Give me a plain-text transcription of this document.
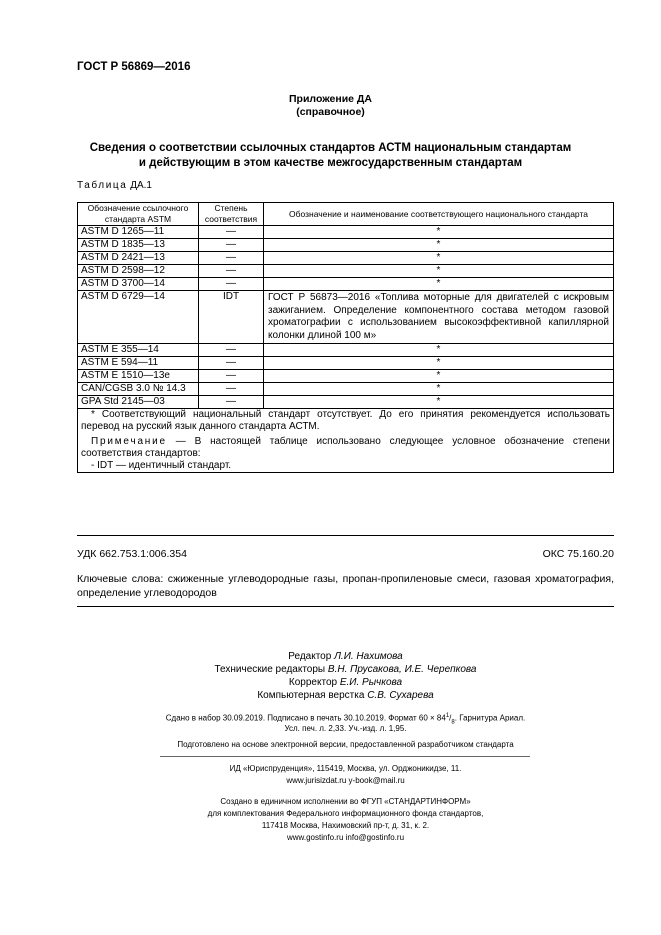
ГОСТ Р 56869—2016
Приложение ДА
(справочное)
Сведения о соответствии ссылочных стандартов АСТМ национальным стандартам
и действующим в этом качестве межгосударственным стандартам
Таблица ДА.1
Обозначение ссылочного стандарта ASTM	Степень соответствия	Обозначение и наименование соответствующего национального стандарта
ASTM D 1265—11	—	*
ASTM D 1835—13	—	*
ASTM D 2421—13	—	*
ASTM D 2598—12	—	*
ASTM D 3700—14	—	*
ASTM D 6729—14	IDT	ГОСТ Р 56873—2016 «Топлива моторные для двигателей с искровым зажиганием. Определение компонентного состава методом газовой хроматографии с использованием высокоэффективной капиллярной колонки длиной 100 м»
ASTM E 355—14	—	*
ASTM E 594—11	—	*
ASTM E 1510—13e	—	*
CAN/CGSB 3.0 № 14.3	—	*
GPA Std 2145—03	—	*

* Соответствующий национальный стандарт отсутствует. До его принятия рекомендуется использовать перевод на русский язык данного стандарта АСТМ.

Примечание — В настоящей таблице использовано следующее условное обозначение степени соответствия стандартов:

- IDT — идентичный стандарт.		

УДК 662.753.1:006.354	ОКС 75.160.20
Ключевые слова: сжиженные углеводородные газы, пропан-пропиленовые смеси, газовая хроматография, определение углеводородов
Редактор Л.И. Нахимова
Технические редакторы В.Н. Прусакова, И.Е. Черепкова
Корректор Е.И. Рычкова
Компьютерная верстка С.В. Сухарева
Сдано в набор 30.09.2019. Подписано в печать 30.10.2019. Формат $60 \times 84^1/_8$. Гарнитура Ариал.
Усл. печ. л. 2,33. Уч.-изд. л. 1,95.
Подготовлено на основе электронной версии, предоставленной разработчиком стандарта
ИД «Юриспруденция», 115419, Москва, ул. Орджоникидзе, 11.
www.jurisizdat.ru y-book@mail.ru
Создано в единичном исполнении во ФГУП «СТАНДАРТИНФОРМ»
для комплектования Федерального информационного фонда стандартов,
117418 Москва, Нахимовский пр-т, д. 31, к. 2.
www.gostinfo.ru info@gostinfo.ru
